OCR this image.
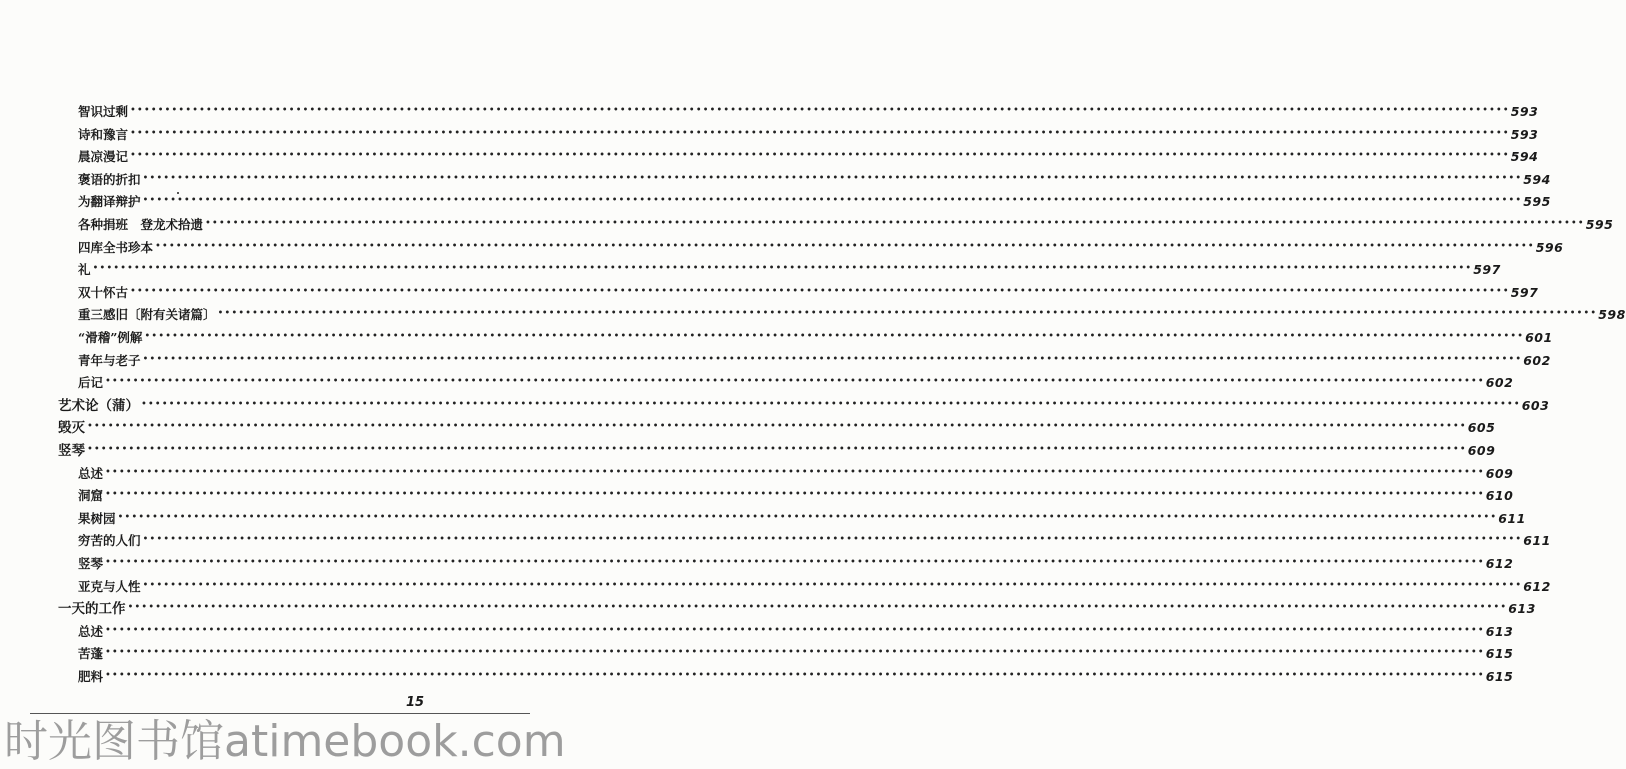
智识过剩 •••••••••••••••••••••••••••••••••••••••••••••••••••••••••••••••••••••••••••••••••••••••••••••••••••••••••••••••••••••••••••••••••••••••••••••••••••••••••••••••••••••••••••••••••••••••••••••••••••••••• 593
诗和豫言 •••••••••••••••••••••••••••••••••••••••••••••••••••••••••••••••••••••••••••••••••••••••••••••••••••••••••••••••••••••••••••••••••••••••••••••••••••••••••••••••••••••••••••••••••••••••••••••••••••••••• 593
晨凉漫记 •••••••••••••••••••••••••••••••••••••••••••••••••••••••••••••••••••••••••••••••••••••••••••••••••••••••••••••••••••••••••••••••••••••••••••••••••••••••••••••••••••••••••••••••••••••••••••••••••••••••• 594
褒语的折扣 •••••••••••••••••••••••••••••••••••••••••••••••••••••••••••••••••••••••••••••••••••••••••••••••••••••••••••••••••••••••••••••••••••••••••••••••••••••••••••••••••••••••••••••••••••••••••••••••••••••••• 594
为翻译辩护 •••••••••••••••••••••••••••••••••••••••••••••••••••••••••••••••••••••••••••••••••••••••••••••••••••••••••••••••••••••••••••••••••••••••••••••••••••••••••••••••••••••••••••••••••••••••••••••••••••••••• 595
各种捐班　登龙术拾遗 •••••••••••••••••••••••••••••••••••••••••••••••••••••••••••••••••••••••••••••••••••••••••••••••••••••••••••••••••••••••••••••••••••••••••••••••••••••••••••••••••••••••••••••••••••••••••••••••••••••••• 595
四库全书珍本 •••••••••••••••••••••••••••••••••••••••••••••••••••••••••••••••••••••••••••••••••••••••••••••••••••••••••••••••••••••••••••••••••••••••••••••••••••••••••••••••••••••••••••••••••••••••••••••••••••••••• 596
礼 •••••••••••••••••••••••••••••••••••••••••••••••••••••••••••••••••••••••••••••••••••••••••••••••••••••••••••••••••••••••••••••••••••••••••••••••••••••••••••••••••••••••••••••••••••••••••••••••••••••••• 597
双十怀古 •••••••••••••••••••••••••••••••••••••••••••••••••••••••••••••••••••••••••••••••••••••••••••••••••••••••••••••••••••••••••••••••••••••••••••••••••••••••••••••••••••••••••••••••••••••••••••••••••••••••• 597
重三感旧〔附有关诸篇〕 •••••••••••••••••••••••••••••••••••••••••••••••••••••••••••••••••••••••••••••••••••••••••••••••••••••••••••••••••••••••••••••••••••••••••••••••••••••••••••••••••••••••••••••••••••••••••••••••••••••••• 598
“滑稽”例解 •••••••••••••••••••••••••••••••••••••••••••••••••••••••••••••••••••••••••••••••••••••••••••••••••••••••••••••••••••••••••••••••••••••••••••••••••••••••••••••••••••••••••••••••••••••••••••••••••••••••• 601
青年与老子 •••••••••••••••••••••••••••••••••••••••••••••••••••••••••••••••••••••••••••••••••••••••••••••••••••••••••••••••••••••••••••••••••••••••••••••••••••••••••••••••••••••••••••••••••••••••••••••••••••••••• 602
后记 •••••••••••••••••••••••••••••••••••••••••••••••••••••••••••••••••••••••••••••••••••••••••••••••••••••••••••••••••••••••••••••••••••••••••••••••••••••••••••••••••••••••••••••••••••••••••••••••••••••••• 602
艺术论（蒲） •••••••••••••••••••••••••••••••••••••••••••••••••••••••••••••••••••••••••••••••••••••••••••••••••••••••••••••••••••••••••••••••••••••••••••••••••••••••••••••••••••••••••••••••••••••••••••••••••••••••• 603
毁灭 •••••••••••••••••••••••••••••••••••••••••••••••••••••••••••••••••••••••••••••••••••••••••••••••••••••••••••••••••••••••••••••••••••••••••••••••••••••••••••••••••••••••••••••••••••••••••••••••••••••••• 605
竖琴 •••••••••••••••••••••••••••••••••••••••••••••••••••••••••••••••••••••••••••••••••••••••••••••••••••••••••••••••••••••••••••••••••••••••••••••••••••••••••••••••••••••••••••••••••••••••••••••••••••••••• 609
总述 •••••••••••••••••••••••••••••••••••••••••••••••••••••••••••••••••••••••••••••••••••••••••••••••••••••••••••••••••••••••••••••••••••••••••••••••••••••••••••••••••••••••••••••••••••••••••••••••••••••••• 609
洞窟 •••••••••••••••••••••••••••••••••••••••••••••••••••••••••••••••••••••••••••••••••••••••••••••••••••••••••••••••••••••••••••••••••••••••••••••••••••••••••••••••••••••••••••••••••••••••••••••••••••••••• 610
果树园 •••••••••••••••••••••••••••••••••••••••••••••••••••••••••••••••••••••••••••••••••••••••••••••••••••••••••••••••••••••••••••••••••••••••••••••••••••••••••••••••••••••••••••••••••••••••••••••••••••••••• 611
穷苦的人们 •••••••••••••••••••••••••••••••••••••••••••••••••••••••••••••••••••••••••••••••••••••••••••••••••••••••••••••••••••••••••••••••••••••••••••••••••••••••••••••••••••••••••••••••••••••••••••••••••••••••• 611
竖琴 •••••••••••••••••••••••••••••••••••••••••••••••••••••••••••••••••••••••••••••••••••••••••••••••••••••••••••••••••••••••••••••••••••••••••••••••••••••••••••••••••••••••••••••••••••••••••••••••••••••••• 612
亚克与人性 •••••••••••••••••••••••••••••••••••••••••••••••••••••••••••••••••••••••••••••••••••••••••••••••••••••••••••••••••••••••••••••••••••••••••••••••••••••••••••••••••••••••••••••••••••••••••••••••••••••••• 612
一天的工作 •••••••••••••••••••••••••••••••••••••••••••••••••••••••••••••••••••••••••••••••••••••••••••••••••••••••••••••••••••••••••••••••••••••••••••••••••••••••••••••••••••••••••••••••••••••••••••••••••••••••• 613
总述 •••••••••••••••••••••••••••••••••••••••••••••••••••••••••••••••••••••••••••••••••••••••••••••••••••••••••••••••••••••••••••••••••••••••••••••••••••••••••••••••••••••••••••••••••••••••••••••••••••••••• 613
苦蓬 •••••••••••••••••••••••••••••••••••••••••••••••••••••••••••••••••••••••••••••••••••••••••••••••••••••••••••••••••••••••••••••••••••••••••••••••••••••••••••••••••••••••••••••••••••••••••••••••••••••••• 615
肥料 •••••••••••••••••••••••••••••••••••••••••••••••••••••••••••••••••••••••••••••••••••••••••••••••••••••••••••••••••••••••••••••••••••••••••••••••••••••••••••••••••••••••••••••••••••••••••••••••••••••••• 615
15
时光图书馆atimebook.com
